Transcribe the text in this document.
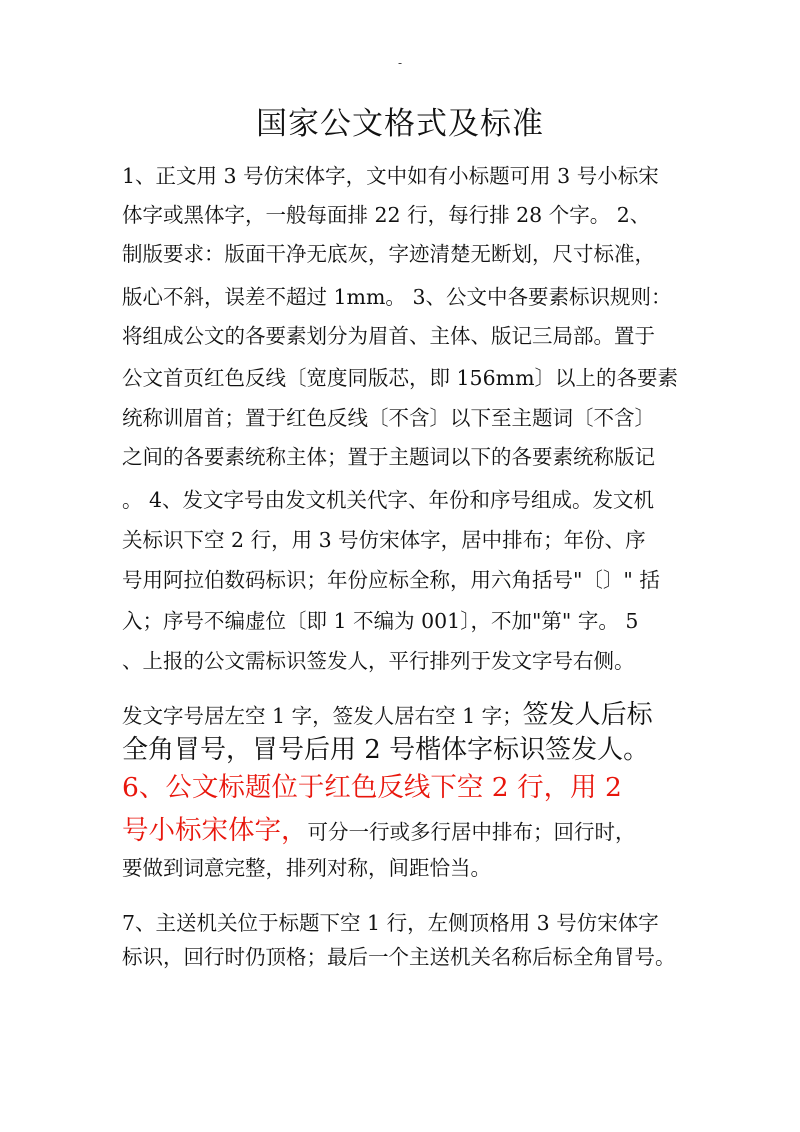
-
国家公文格式及标准
1、正文用 3 号仿宋体字，文中如有小标题可用 3 号小标宋
体字或黑体字，一般每面排 22 行，每行排 28 个字。 2、
制版要求：版面干净无底灰，字迹清楚无断划，尺寸标准，
版心不斜，误差不超过 1mm。 3、公文中各要素标识规则：
将组成公文的各要素划分为眉首、主体、版记三局部。置于
公文首页红色反线〔宽度同版芯，即 156mm〕以上的各要素
统称训眉首；置于红色反线〔不含〕以下至主题词〔不含〕
之间的各要素统称主体；置于主题词以下的各要素统称版记
。 4、发文字号由发文机关代字、年份和序号组成。发文机
关标识下空 2 行，用 3 号仿宋体字，居中排布；年份、序
号用阿拉伯数码标识；年份应标全称，用六角括号"〔〕" 括
入；序号不编虚位〔即 1 不编为 001〕，不加"第" 字。 5
、上报的公文需标识签发人，平行排列于发文字号右侧。
发文字号居左空 1 字，签发人居右空 1 字；签发人后标
全角冒号，冒号后用 2 号楷体字标识签发人。
6、公文标题位于红色反线下空 2 行，用 2
号小标宋体字，可分一行或多行居中排布；回行时，
要做到词意完整，排列对称，间距恰当。
7、主送机关位于标题下空 1 行，左侧顶格用 3 号仿宋体字
标识，回行时仍顶格；最后一个主送机关名称后标全角冒号。
